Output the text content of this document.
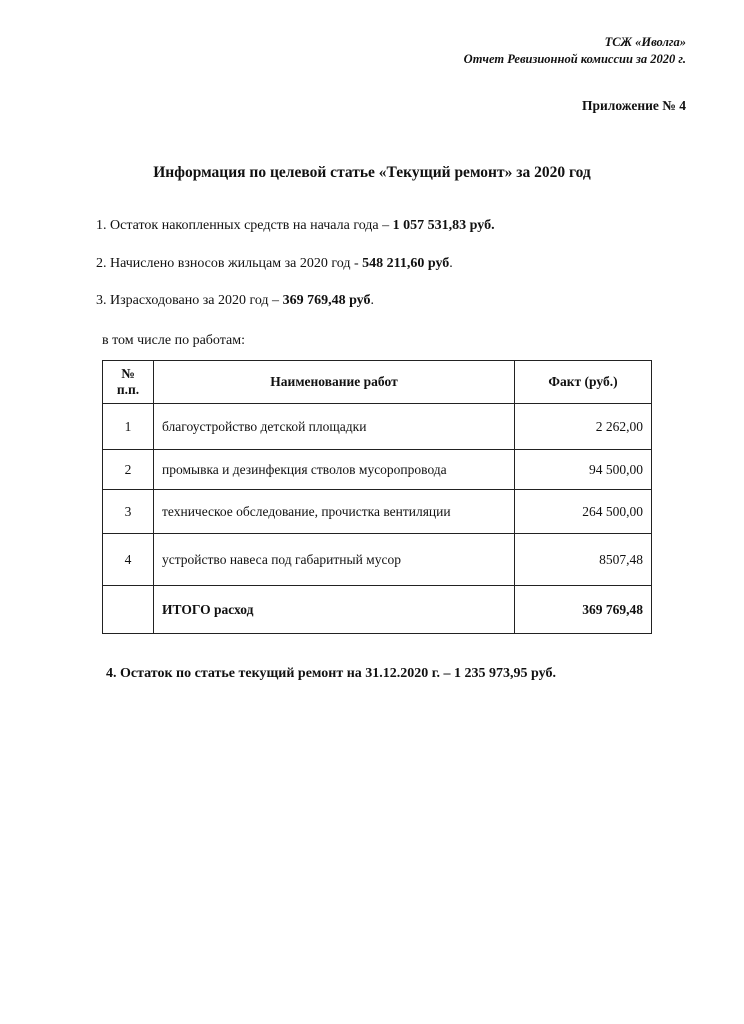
ТСЖ «Иволга»
Отчет Ревизионной комиссии за 2020 г.
Приложение № 4
Информация по целевой статье «Текущий ремонт» за 2020 год
1. Остаток накопленных средств на начала года – 1 057 531,83 руб.
2. Начислено взносов жильцам за 2020 год - 548 211,60 руб.
3. Израсходовано за 2020 год – 369 769,48 руб.
в том числе по работам:
№ п.п.	Наименование работ	Факт (руб.)
1	благоустройство детской площадки	2 262,00
2	промывка и дезинфекция стволов мусоропровода	94 500,00
3	техническое обследование, прочистка вентиляции	264 500,00
4	устройство навеса под габаритный мусор	8507,48
	ИТОГО расход	369 769,48
4. Остаток по статье текущий ремонт на 31.12.2020 г. – 1 235 973,95 руб.
